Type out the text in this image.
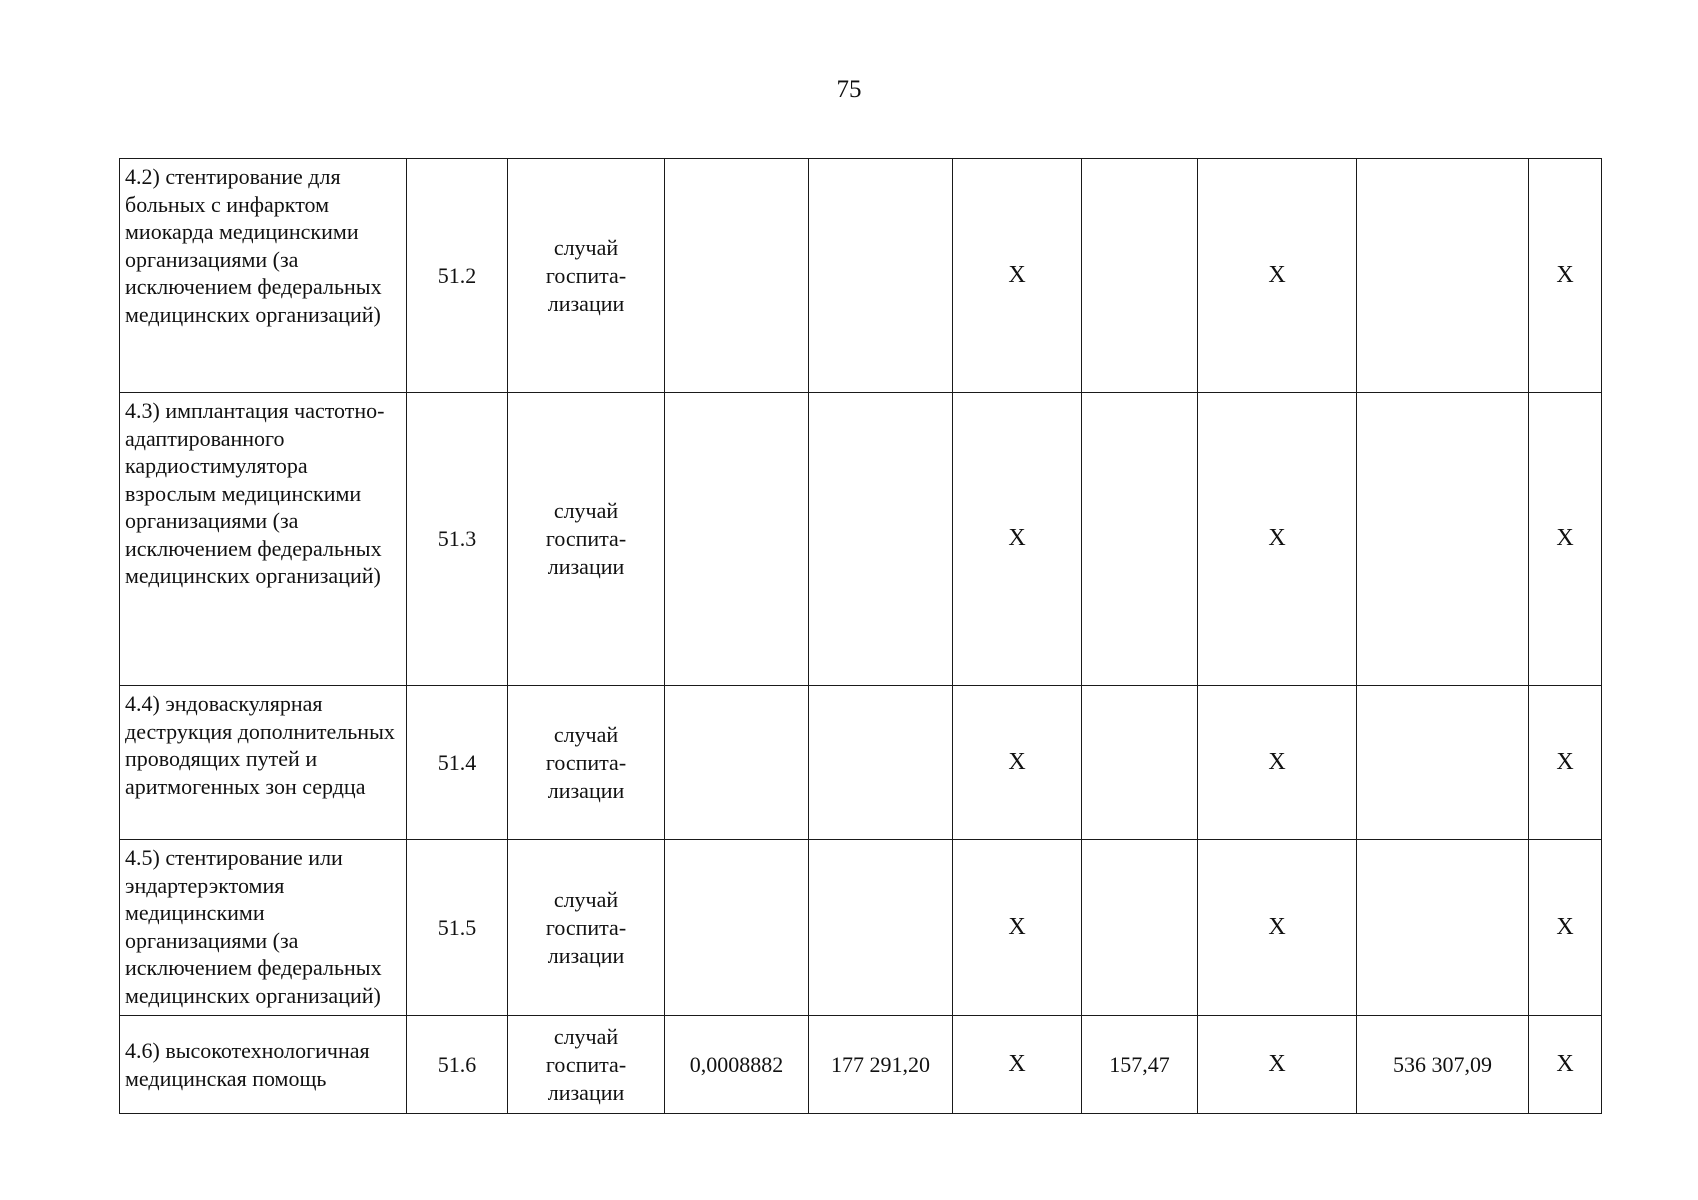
75
4.2) стентирование для больных с инфарктом миокарда медицинскими организациями (за исключением федеральных медицинских организаций)	51.2	случай
госпита-
лизации			X		X		X
4.3) имплантация частотно-адаптированного кардиостимулятора взрослым медицинскими организациями (за исключением федеральных медицинских организаций)	51.3	случай
госпита-
лизации			X		X		X
4.4) эндоваскулярная деструкция дополнительных проводящих путей и аритмогенных зон сердца	51.4	случай
госпита-
лизации			X		X		X
4.5) стентирование или эндартерэктомия медицинскими организациями (за исключением федеральных медицинских организаций)	51.5	случай
госпита-
лизации			X		X		X
4.6) высокотехнологичная медицинская помощь	51.6	случай
госпита-
лизации	0,0008882	177 291,20	X	157,47	X	536 307,09	X
